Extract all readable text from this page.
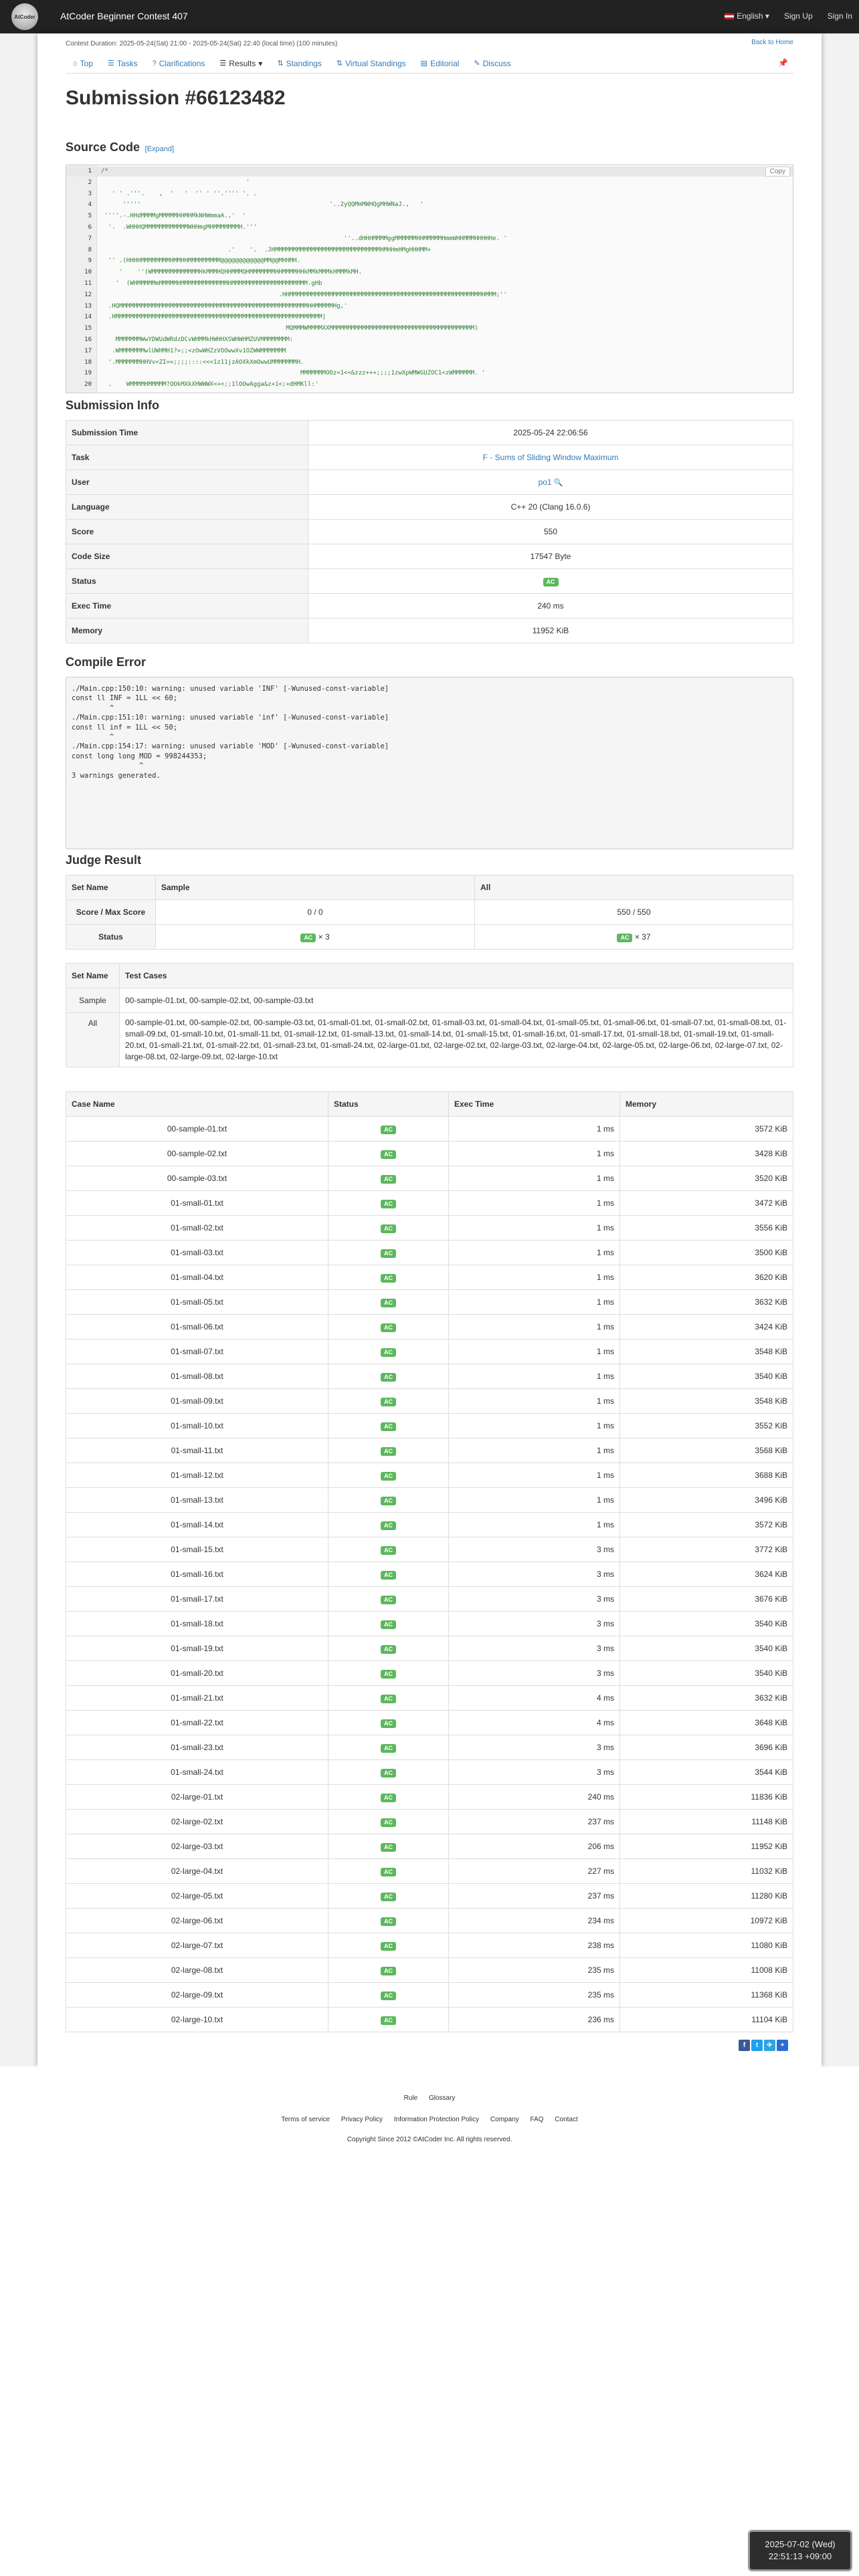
AtCoder	AtCoder Beginner Contest 407	English ▾ Sign Up Sign In
Contest Duration: 2025-05-24(Sat) 21:00 - 2025-05-24(Sat) 22:40 (local time) (100 minutes)	Back to Home
⌂ Top ☰ Tasks ? Clarifications ☰ Results ▾ ⇅ Standings ⇅ Virtual Standings ▤ Editorial ✎ Discuss	📌
Submission #66123482
Source Code [Expand]
1 /*
2 '
3 ' ' .'''.    ,  '   '  '' ' ''.'''' '. .
4 '''''                                                    '..2yQQMmMWHQgMHWNaJ.,   '
5 ''''.-.HHdMMMMgMMMMMHHMHMkNHWmmaA.,'  '
6 '.  .WHHHQMMMMMMMMMMMMWHHmgMHMMMMMMMH.'''
7 ''..dHHHMMMMggMMMMMMHHMMMMMHmmWHHMMMHHHHHe. '
8 .'    '.  .JHMMMMMMMMMMMMMMMMMMMMMMMMMMMMMHMHHmHMgHHHMM+
9 '' .(HHHHMMMMMMMMHMMHHMMMMMMMMM@@@@@@@@@@@@MM@@MHHMH.
10 '    ''(WMMMMMMMMMMMMMHkMMMHQHHMMMQHMMMMMMMHHMMMMHHkMMkMMMkHMMMkMH.
11 '  (WHMMMMMmMMMMMHMMMMMMMMMMMMMHMMMMMMMMMMMMMMMMMMMMM.gHb
12 .HHMMMMMMMMMMMMMMMMMMMMMMMMMMMMMMMMMMMMMMMMMMMMMMMMMMMMMHMMM;''
13 .HQMMMMMMMMMMMMMMMMMMMMMMMMMMMMMMMMMMMMMMMMMMMMMMMMMMMMHHMMMMMHg,'
14 .HMMMMMMMMMMMMMMMMMMMMMMMMMMMMMMMMMMMMMMMMMMMMMMMMMMMMMMMMM|
15 MQMMMWMMMMXXMMMMMMMMMMMMMMMMMMMMMMMMMMMMMMMMMMMMMMMM)
16 MMMMMMMWwYDWUdWRdzDCvWHMMkHWHHXSWHWHMZUVMMMMMMMM:
17 .WMMMMMMMwlUWHMH1?=;;<zOwWHZzVOOwwXv1OZWWMMMMMMM
18 '.MMMMMMMHHVv<ZI==;;;;::::<<<1z11jzAOXkXmOwwUMMMMMMMH.
19 MMMMMMMOOz=1<<&zzz+++;;;;1zwXpWMWGUZOC1<zWMMMMMM. '
20 .    WMMMMHMMMMM?OOkMXkXHWWWX<+<;;1lOOwAgga&z+1<;+dHMKll:'
Copy
Submission Info
Submission Time	2025-05-24 22:06:56
Task	F - Sums of Sliding Window Maximum
User	po1 🔍
Language	C++ 20 (Clang 16.0.6)
Score	550
Code Size	17547 Byte
Status	AC
Exec Time	240 ms
Memory	11952 KiB
Compile Error
./Main.cpp:150:10: warning: unused variable 'INF' [-Wunused-const-variable]
const ll INF = 1LL << 60;
^
./Main.cpp:151:10: warning: unused variable 'inf' [-Wunused-const-variable]
const ll inf = 1LL << 50;
^
./Main.cpp:154:17: warning: unused variable 'MOD' [-Wunused-const-variable]
const long long MOD = 998244353;
^
3 warnings generated.
Judge Result
Set Name	Sample	All
Score / Max Score	0 / 0	550 / 550
Status	AC × 3	AC × 37
Set Name	Test Cases
Sample	00-sample-01.txt, 00-sample-02.txt, 00-sample-03.txt
All	00-sample-01.txt, 00-sample-02.txt, 00-sample-03.txt, 01-small-01.txt, 01-small-02.txt, 01-small-03.txt, 01-small-04.txt, 01-small-05.txt, 01-small-06.txt, 01-small-07.txt, 01-small-08.txt, 01-small-09.txt, 01-small-10.txt, 01-small-11.txt, 01-small-12.txt, 01-small-13.txt, 01-small-14.txt, 01-small-15.txt, 01-small-16.txt, 01-small-17.txt, 01-small-18.txt, 01-small-19.txt, 01-small-20.txt, 01-small-21.txt, 01-small-22.txt, 01-small-23.txt, 01-small-24.txt, 02-large-01.txt, 02-large-02.txt, 02-large-03.txt, 02-large-04.txt, 02-large-05.txt, 02-large-06.txt, 02-large-07.txt, 02-large-08.txt, 02-large-09.txt, 02-large-10.txt
Case Name	Status	Exec Time	Memory
00-sample-01.txt	AC	1 ms	3572 KiB
00-sample-02.txt	AC	1 ms	3428 KiB
00-sample-03.txt	AC	1 ms	3520 KiB
01-small-01.txt	AC	1 ms	3472 KiB
01-small-02.txt	AC	1 ms	3556 KiB
01-small-03.txt	AC	1 ms	3500 KiB
01-small-04.txt	AC	1 ms	3620 KiB
01-small-05.txt	AC	1 ms	3632 KiB
01-small-06.txt	AC	1 ms	3424 KiB
01-small-07.txt	AC	1 ms	3548 KiB
01-small-08.txt	AC	1 ms	3540 KiB
01-small-09.txt	AC	1 ms	3548 KiB
01-small-10.txt	AC	1 ms	3552 KiB
01-small-11.txt	AC	1 ms	3568 KiB
01-small-12.txt	AC	1 ms	3688 KiB
01-small-13.txt	AC	1 ms	3496 KiB
01-small-14.txt	AC	1 ms	3572 KiB
01-small-15.txt	AC	3 ms	3772 KiB
01-small-16.txt	AC	3 ms	3624 KiB
01-small-17.txt	AC	3 ms	3676 KiB
01-small-18.txt	AC	3 ms	3540 KiB
01-small-19.txt	AC	3 ms	3540 KiB
01-small-20.txt	AC	3 ms	3540 KiB
01-small-21.txt	AC	4 ms	3632 KiB
01-small-22.txt	AC	4 ms	3648 KiB
01-small-23.txt	AC	3 ms	3696 KiB
01-small-24.txt	AC	3 ms	3544 KiB
02-large-01.txt	AC	240 ms	11836 KiB
02-large-02.txt	AC	237 ms	11148 KiB
02-large-03.txt	AC	206 ms	11952 KiB
02-large-04.txt	AC	227 ms	11032 KiB
02-large-05.txt	AC	237 ms	11280 KiB
02-large-06.txt	AC	234 ms	10972 KiB
02-large-07.txt	AC	238 ms	11080 KiB
02-large-08.txt	AC	235 ms	11008 KiB
02-large-09.txt	AC	235 ms	11368 KiB
02-large-10.txt	AC	236 ms	11104 KiB
f	t	✈	+
Rule Glossary
Terms of service Privacy Policy Information Protection Policy Company FAQ Contact
Copyright Since 2012 ©AtCoder Inc. All rights reserved.
2025-07-02 (Wed)
22:51:13 +09:00
